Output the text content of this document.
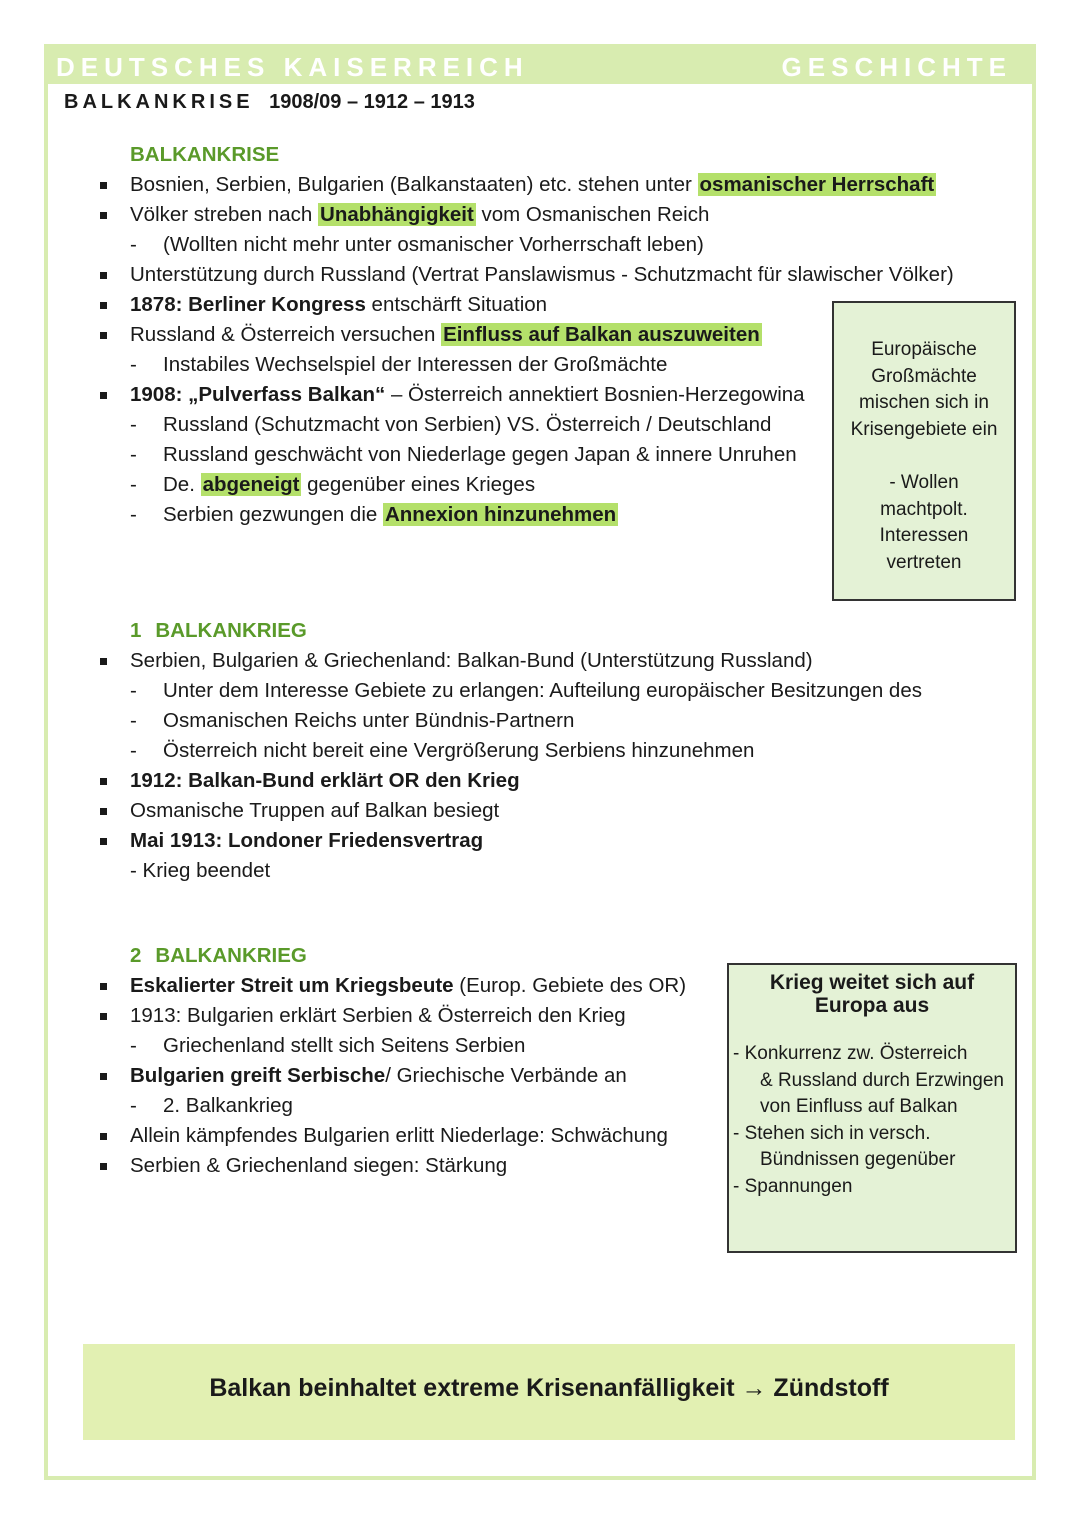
DEUTSCHES KAISERREICH	GESCHICHTE
BALKANKRISE 1908/09 – 1912 – 1913
BALKANKRISE
Bosnien, Serbien, Bulgarien (Balkanstaaten) etc. stehen unter osmanischer Herrschaft
Völker streben nach Unabhängigkeit vom Osmanischen Reich
- (Wollten nicht mehr unter osmanischer Vorherrschaft leben)
Unterstützung durch Russland (Vertrat Panslawismus - Schutzmacht für slawischer Völker)
1878: Berliner Kongress entschärft Situation
Russland & Österreich versuchen Einfluss auf Balkan auszuweiten
- Instabiles Wechselspiel der Interessen der Großmächte
1908: „Pulverfass Balkan“ – Österreich annektiert Bosnien-Herzegowina
- Russland (Schutzmacht von Serbien) VS. Österreich / Deutschland
- Russland geschwächt von Niederlage gegen Japan & innere Unruhen
- De. abgeneigt gegenüber eines Krieges
- Serbien gezwungen die Annexion hinzunehmen
Europäische
Großmächte
mischen sich in
Krisengebiete ein
- Wollen
machtpolt.
Interessen
vertreten
1 BALKANKRIEG
Serbien, Bulgarien & Griechenland: Balkan-Bund (Unterstützung Russland)
- Unter dem Interesse Gebiete zu erlangen: Aufteilung europäischer Besitzungen des
- Osmanischen Reichs unter Bündnis-Partnern
- Österreich nicht bereit eine Vergrößerung Serbiens hinzunehmen
1912: Balkan-Bund erklärt OR den Krieg
Osmanische Truppen auf Balkan besiegt
Mai 1913: Londoner Friedensvertrag
- Krieg beendet
2 BALKANKRIEG
Eskalierter Streit um Kriegsbeute (Europ. Gebiete des OR)
1913: Bulgarien erklärt Serbien & Österreich den Krieg
- Griechenland stellt sich Seitens Serbien
Bulgarien greift Serbische/ Griechische Verbände an
- 2. Balkankrieg
Allein kämpfendes Bulgarien erlitt Niederlage: Schwächung
Serbien & Griechenland siegen: Stärkung
Krieg weitet sich auf
Europa aus
- Konkurrenz zw. Österreich
& Russland durch Erzwingen
von Einfluss auf Balkan
- Stehen sich in versch.
Bündnissen gegenüber
- Spannungen
Balkan beinhaltet extreme Krisenanfälligkeit → Zündstoff
